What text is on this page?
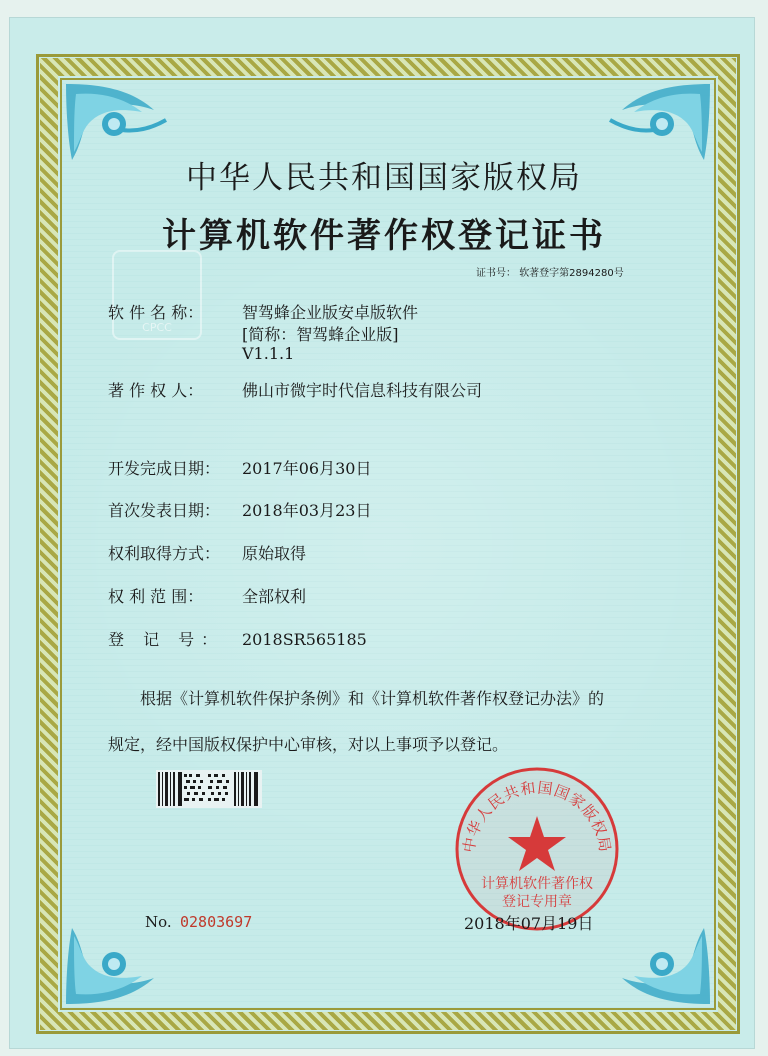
中华人民共和国国家版权局
计算机软件著作权登记证书
证书号： 软著登字第2894280号
CPCC
软 件 名 称： 智驾蜂企业版安卓版软件
[简称：智驾蜂企业版]
V1.1.1
著 作 权 人： 佛山市微宇时代信息科技有限公司
开发完成日期： 2017年06月30日
首次发表日期： 2018年03月23日
权利取得方式： 原始取得
权 利 范 围： 全部权利
登 记 号： 2018SR565185
根据《计算机软件保护条例》和《计算机软件著作权登记办法》的
规定，经中国版权保护中心审核，对以上事项予以登记。
No. 02803697
中华人民共和国国家版权局
计算机软件著作权
登记专用章
2018年07月19日
